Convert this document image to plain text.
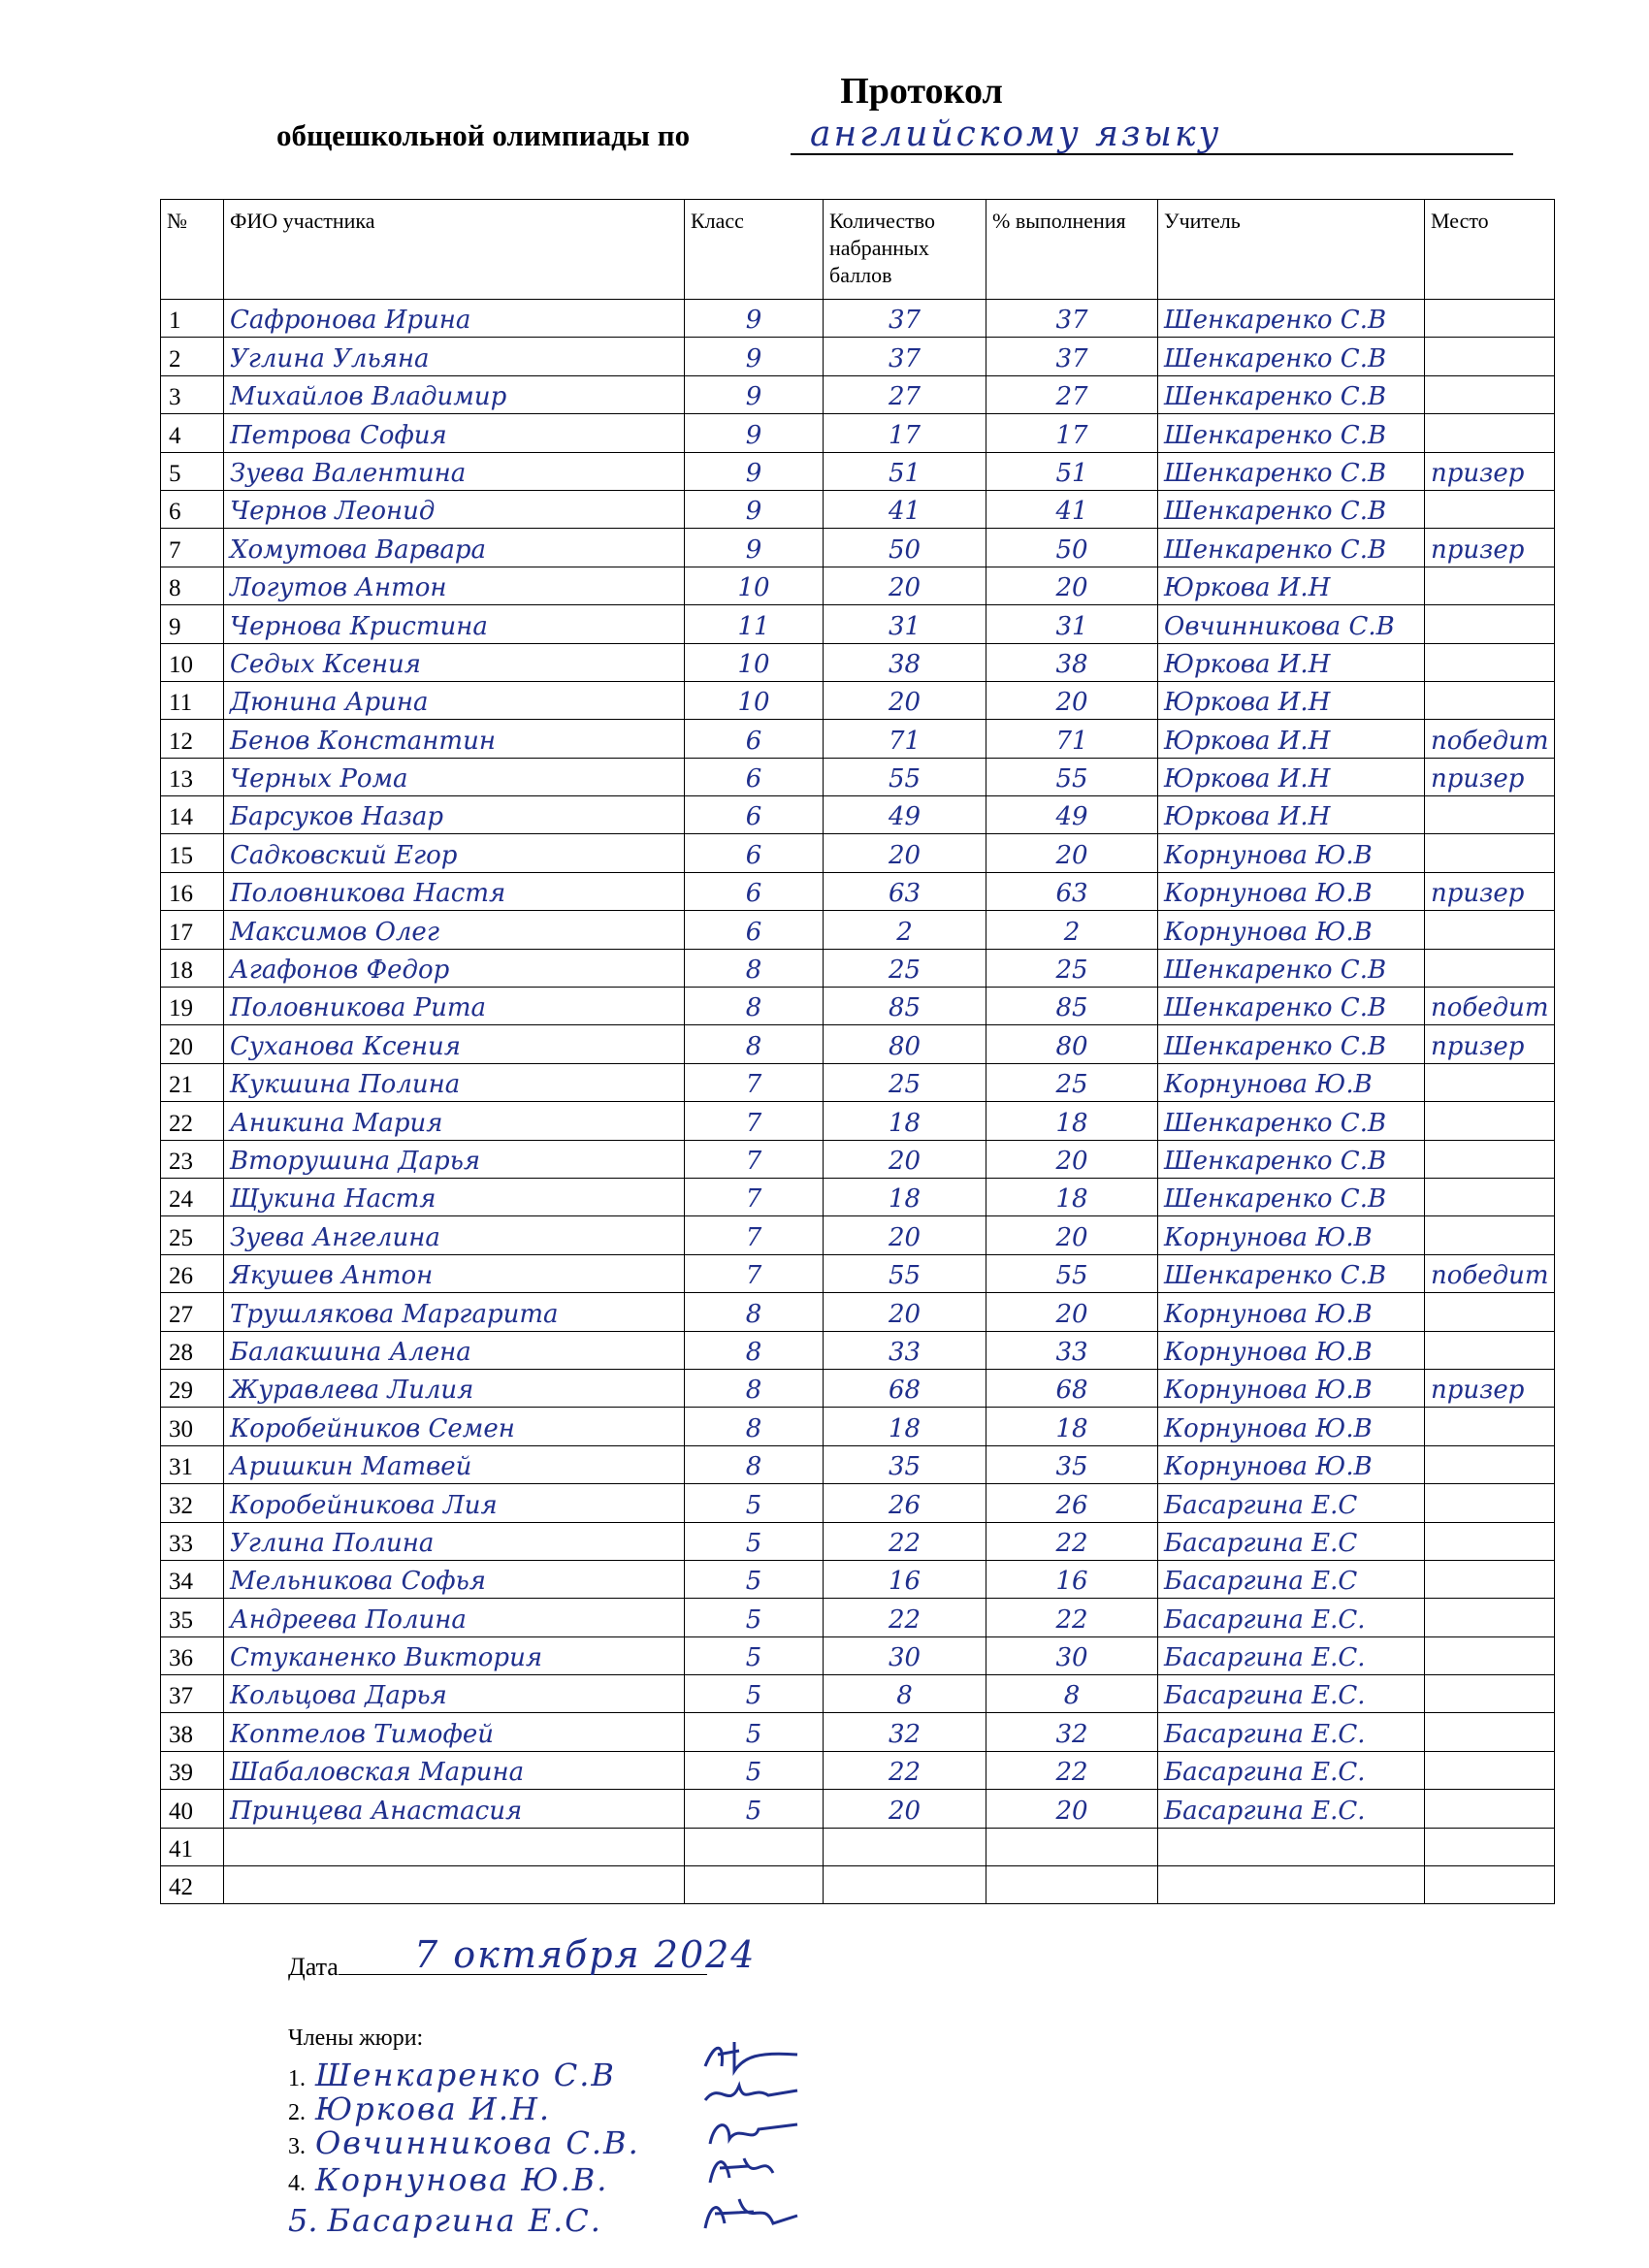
Протокол
общешкольной олимпиады по	английскому языку
№	ФИО участника	Класс	Количество набранных баллов	% выполнения	Учитель	Место
1	Сафронова Ирина	9	37	37	Шенкаренко С.В	
2	Углина Ульяна	9	37	37	Шенкаренко С.В	
3	Михайлов Владимир	9	27	27	Шенкаренко С.В	
4	Петрова София	9	17	17	Шенкаренко С.В	
5	Зуева Валентина	9	51	51	Шенкаренко С.В	призер
6	Чернов Леонид	9	41	41	Шенкаренко С.В	
7	Хомутова Варвара	9	50	50	Шенкаренко С.В	призер
8	Логутов Антон	10	20	20	Юркова И.Н	
9	Чернова Кристина	11	31	31	Овчинникова С.В	
10	Седых Ксения	10	38	38	Юркова И.Н	
11	Дюнина Арина	10	20	20	Юркова И.Н	
12	Бенов Константин	6	71	71	Юркова И.Н	победит
13	Черных Рома	6	55	55	Юркова И.Н	призер
14	Барсуков Назар	6	49	49	Юркова И.Н	
15	Садковский Егор	6	20	20	Корнунова Ю.В	
16	Половникова Настя	6	63	63	Корнунова Ю.В	призер
17	Максимов Олег	6	2	2	Корнунова Ю.В	
18	Агафонов Федор	8	25	25	Шенкаренко С.В	
19	Половникова Рита	8	85	85	Шенкаренко С.В	победит
20	Суханова Ксения	8	80	80	Шенкаренко С.В	призер
21	Кукшина Полина	7	25	25	Корнунова Ю.В	
22	Аникина Мария	7	18	18	Шенкаренко С.В	
23	Вторушина Дарья	7	20	20	Шенкаренко С.В	
24	Щукина Настя	7	18	18	Шенкаренко С.В	
25	Зуева Ангелина	7	20	20	Корнунова Ю.В	
26	Якушев Антон	7	55	55	Шенкаренко С.В	победит
27	Трушлякова Маргарита	8	20	20	Корнунова Ю.В	
28	Балакшина Алена	8	33	33	Корнунова Ю.В	
29	Журавлева Лилия	8	68	68	Корнунова Ю.В	призер
30	Коробейников Семен	8	18	18	Корнунова Ю.В	
31	Аришкин Матвей	8	35	35	Корнунова Ю.В	
32	Коробейникова Лия	5	26	26	Басаргина Е.С	
33	Углина Полина	5	22	22	Басаргина Е.С	
34	Мельникова Софья	5	16	16	Басаргина Е.С	
35	Андреева Полина	5	22	22	Басаргина Е.С.	
36	Стуканенко Виктория	5	30	30	Басаргина Е.С.	
37	Кольцова Дарья	5	8	8	Басаргина Е.С.	
38	Коптелов Тимофей	5	32	32	Басаргина Е.С.	
39	Шабаловская Марина	5	22	22	Басаргина Е.С.	
40	Принцева Анастасия	5	20	20	Басаргина Е.С.	
41						
42						
Дата 7 октября 2024
Члены жюри:
1. Шенкаренко С.В
2. Юркова И.Н.
3. Овчинникова С.В.
4. Корнунова Ю.В.
5. Басаргина Е.С.
